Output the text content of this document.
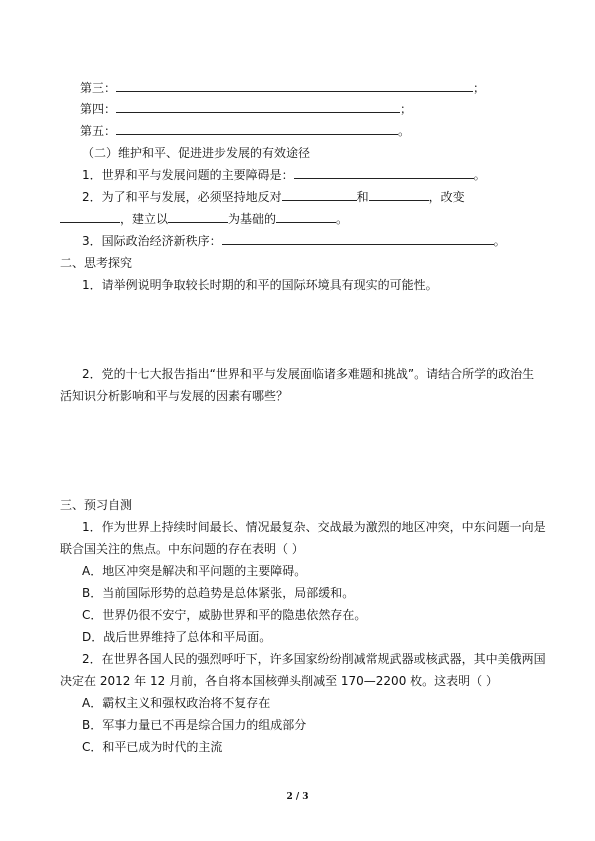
第三：	；
第四：	；
第五：	。
（二）维护和平、促进进步发展的有效途径
1．世界和平与发展问题的主要障碍是：	。
2．为了和平与发展，必须坚持地反对	和	，改变
，建立以	为基础的	。
3．国际政治经济新秩序：	。
二、思考探究
1．请举例说明争取较长时期的和平的国际环境具有现实的可能性。
2．党的十七大报告指出“世界和平与发展面临诸多难题和挑战”。请结合所学的政治生
活知识分析影响和平与发展的因素有哪些？
三、预习自测
1．作为世界上持续时间最长、情况最复杂、交战最为激烈的地区冲突，中东问题一向是
联合国关注的焦点。中东问题的存在表明（ ）
A．地区冲突是解决和平问题的主要障碍。
B．当前国际形势的总趋势是总体紧张，局部缓和。
C．世界仍很不安宁，威胁世界和平的隐患依然存在。
D．战后世界维持了总体和平局面。
2．在世界各国人民的强烈呼吁下，许多国家纷纷削减常规武器或核武器，其中美俄两国
决定在 2012 年 12 月前，各自将本国核弹头削减至 170—2200 枚。这表明（ ）
A．霸权主义和强权政治将不复存在
B．军事力量已不再是综合国力的组成部分
C．和平已成为时代的主流
2 / 3
